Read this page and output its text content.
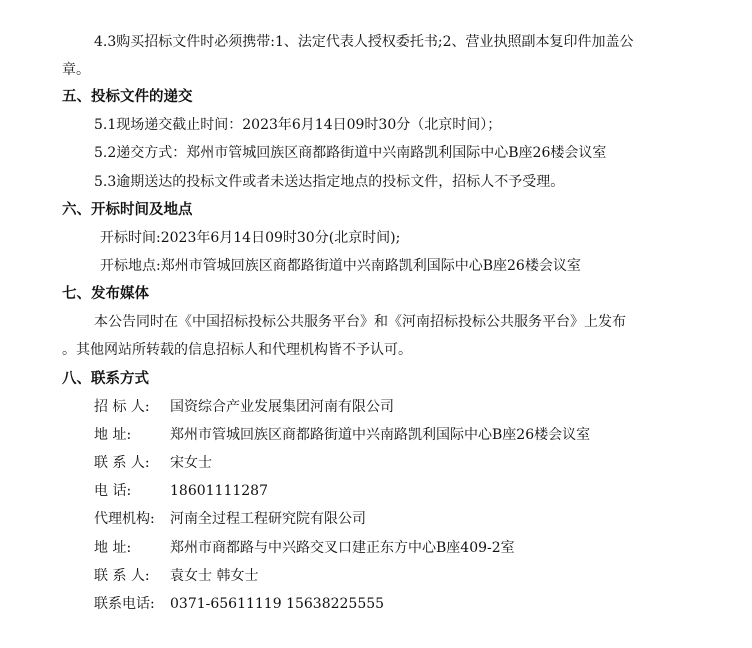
4.3购买招标文件时必须携带:1、法定代表人授权委托书;2、营业执照副本复印件加盖公
章。
五、投标文件的递交
5.1现场递交截止时间：2023年6月14日09时30分（北京时间）；
5.2递交方式：郑州市管城回族区商都路街道中兴南路凯利国际中心B座26楼会议室
5.3逾期送达的投标文件或者未送达指定地点的投标文件，招标人不予受理。
六、开标时间及地点
开标时间:2023年6月14日09时30分(北京时间);
开标地点:郑州市管城回族区商都路街道中兴南路凯利国际中心B座26楼会议室
七、发布媒体
本公告同时在《中国招标投标公共服务平台》和《河南招标投标公共服务平台》上发布
。其他网站所转载的信息招标人和代理机构皆不予认可。
八、联系方式
招 标 人: 国资综合产业发展集团河南有限公司
地 址:	郑州市管城回族区商都路街道中兴南路凯利国际中心B座26楼会议室
联 系 人: 宋女士
电 话:	18601111287
代理机构: 河南全过程工程研究院有限公司
地 址:	郑州市商都路与中兴路交叉口建正东方中心B座409-2室
联 系 人: 袁女士 韩女士
联系电话: 0371-65611119 15638225555
